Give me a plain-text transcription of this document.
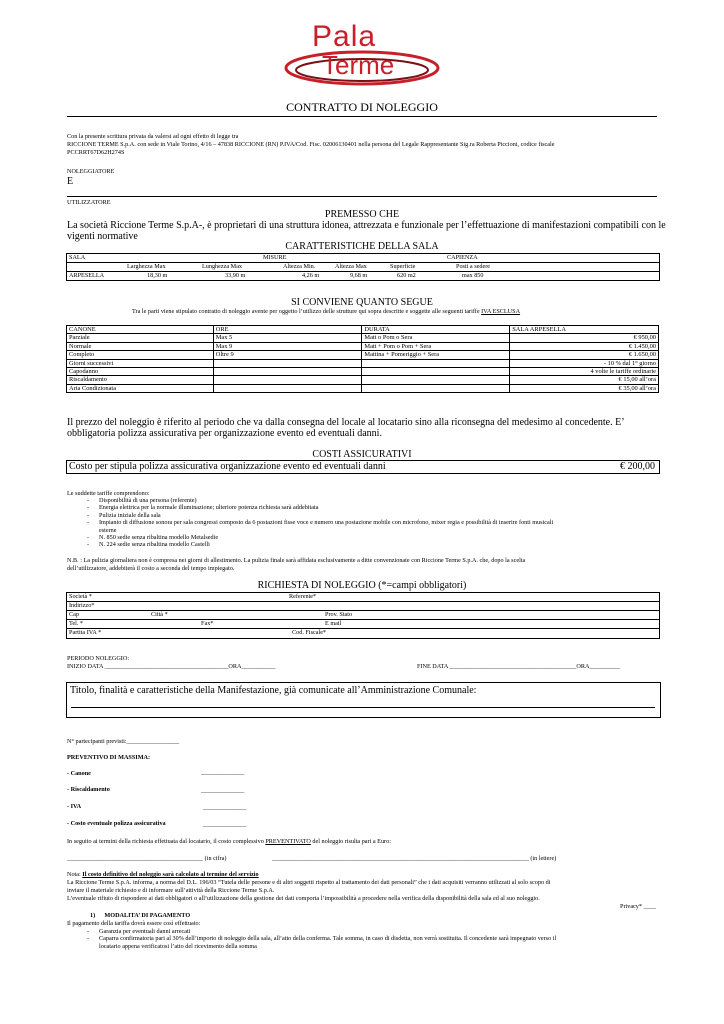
Pala
Terme
CONTRATTO DI NOLEGGIO
Con la presente scrittura privata da valersi ad ogni effetto di legge tra
RICCIONE TERME S.p.A. con sede in Viale Torino, 4/16 – 47838 RICCIONE (RN) P.IVA/Cod. Fisc. 02006130401 nella persona del Legale Rappresentante Sig.ra Roberta Piccioni, codice fiscale
PCCRRT67D62H274S
NOLEGGIATORE
E
UTILIZZATORE
PREMESSO CHE
La società Riccione Terme S.p.A-, è proprietari di una struttura idonea, attrezzata e funzionale per l’effettuazione di manifestazioni compatibili con le
vigenti normative
CARATTERISTICHE DELLA SALA
SALA	MISURE	CAPIENZA
Larghezza Max	Lunghezza Max	Altezza Min.	Altezza Max	Superficie	Posti a sedere
ARPESELLA	18,30 m	33,90 m	4,26 m	9,68 m	620 m2	max 850
SI CONVIENE QUANTO SEGUE
Tra le parti viene stipulato contratto di noleggio avente per oggetto l’utilizzo delle strutture qui sopra descritte e soggette alle seguenti tariffe IVA ESCLUSA
CANONE	ORE	DURATA	SALA ARPESELLA
Parziale	Max 5	Matt o Pom o Sera	€ 950,00
Normale	Max 9	Matt + Pom o Pom + Sera	€ 1.450,00
Completo	Oltre 9	Mattina + Pomeriggio + Sera	€ 1.650,00
Giorni successivi			- 10 % dal 1° giorno
Capodanno			4 volte le tariffe ordinarie
Riscaldamento			€ 15,00 all’ora
Aria Condizionata			€ 35,00 all’ora
Il prezzo del noleggio è riferito al periodo che va dalla consegna del locale al locatario sino alla riconsegna del medesimo al concedente. E’
obbligatoria polizza assicurativa per organizzazione evento ed eventuali danni.
COSTI ASSICURATIVI
Costo per stipula polizza assicurativa organizzazione evento ed eventuali danni	€ 200,00
Le suddette tariffe comprendono:
- Disponibilità di una persona (referente)
- Energia elettrica per la normale illuminazione; ulteriore potenza richiesta sarà addebitata
- Pulizia iniziale della sala
- Impianto di diffusione sonora per sala congressi composto da 6 postazioni fisse voce e numero una postazione mobile con microfono, mixer regia e possibilità di inserire fonti musicali
esterne
- N. 850 sedie senza ribaltina modello Metalsedie
- N. 224 sedie senza ribaltina modello Castelli
N.B. : La pulizia giornaliera non è compresa nei giorni di allestimento. La pulizia finale sarà affidata esclusivamente a ditte convenzionate con Riccione Terme S.p.A. che, dopo la scelta
dell’utilizzatore, addebiterà il costo a seconda del tempo impiegato.
RICHIESTA DI NOLEGGIO (*=campi obbligatori)
Società *	Referente*
Indirizzo*
Cap	Città *	Prov. Stato
Tel. *	Fax*	E mail
Partita IVA *	Cod. Fiscale*
PERIODO NOLEGGIO:
INIZIO DATA ________________________________________ORA___________	FINE DATA _________________________________________ORA__________
Titolo, finalità e caratteristiche della Manifestazione, già comunicate all’Amministrazione Comunale:
N° partecipanti previsti:_________________
PREVENTIVO DI MASSIMA:
- Canone	______________
- Riscaldamento	______________
- IVA	______________
- Costo eventuale polizza assicurativa	______________
In seguito ai termini della richiesta effettuata dal locatario, il costo complessivo PREVENTIVATO del noleggio risulta pari a Euro:
____________________________________________ (in cifra)	___________________________________________________________________________________ (in lettere)
Nota: Il costo definitivo del noleggio sarà calcolato al termine del servizio
La Riccione Terme S.p.A. informa, a norma del D.L. 196/03 “Tutela delle persone e di altri soggetti rispetto al trattamento dei dati personali” che i dati acquisiti verranno utilizzati al solo scopo di
inviare il materiale richiesto e di informare sull’attività della Riccione Terme S.p.A.
L’eventuale rifiuto di rispondere ai dati obbligatori o all’utilizzazione della gestione dei dati comporta l’impossibilità a procedere nella verifica della disponibilità della sala ed al suo noleggio.
Privacy* ____
1)      MODALITA’ DI PAGAMENTO
Il pagamento della tariffa dovrà essere così effettuato:
- Garanzia per eventuali danni arrecati
- Caparra confirmatoria pari al 30% dell’importo di noleggio della sala, all’atto della conferma. Tale somma, in caso di disdetta, non verrà sostituita. Il concedente sarà impegnato verso il
locatario appena verificatosi l’atto del ricevimento della somma
